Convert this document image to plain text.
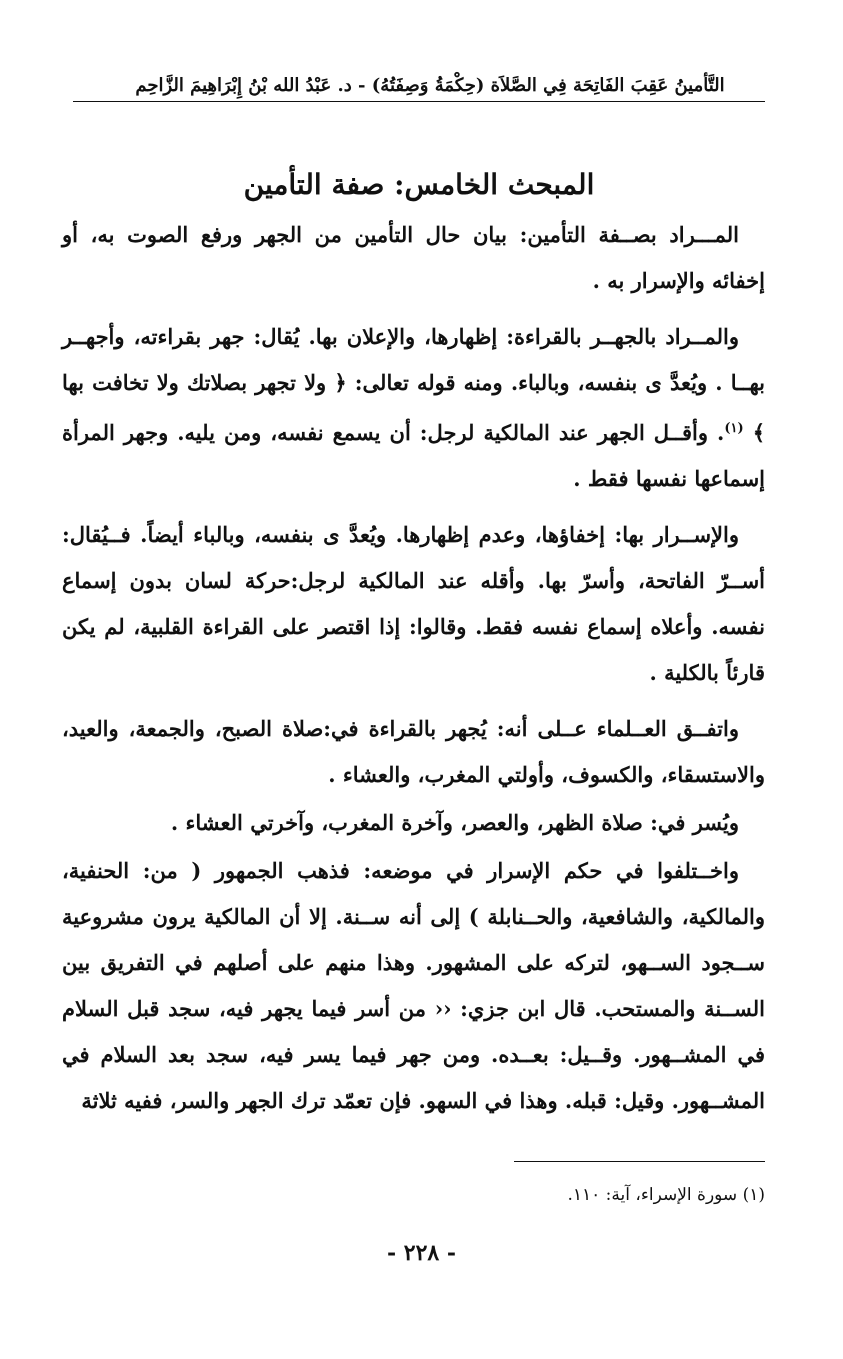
التَّأمينُ عَقِبَ الفَاتِحَة فِي الصَّلاَة (حِكْمَةُ وَصِفَتُهُ) - د. عَبْدُ الله بْنُ إِبْرَاهِيمَ الزَّاحِم
المبحث الخامس: صفة التأمين

المـــراد بصــفة التأمين: بيان حال التأمين من الجهر ورفع الصوت به، أو إخفائه والإسرار به .

والمــراد بالجهــر بالقراءة: إظهارها، والإعلان بها. يُقال: جهر بقراءته، وأجهــر بهــا . ويُعدَّ ى بنفسه، وبالباء. ومنه قوله تعالى: ﴿ ولا تجهر بصلاتك ولا تخافت بها ﴾ $^{(١)}$. وأقــل الجهر عند المالكية لرجل: أن يسمع نفسه، ومن يليه. وجهر المرأة إسماعها نفسها فقط .

والإســرار بها: إخفاؤها، وعدم إظهارها. ويُعدَّ ى بنفسه، وبالباء أيضاً. فــيُقال: أســرّ الفاتحة، وأسرّ بها. وأقله عند المالكية لرجل:حركة لسان بدون إسماع نفسه. وأعلاه إسماع نفسه فقط. وقالوا: إذا اقتصر على القراءة القلبية، لم يكن قارئاً بالكلية .

واتفــق العــلماء عــلى أنه: يُجهر بالقراءة في:صلاة الصبح، والجمعة، والعيد، والاستسقاء، والكسوف، وأولتي المغرب، والعشاء .

ويُسر في: صلاة الظهر، والعصر، وآخرة المغرب، وآخرتي العشاء .

واخــتلفوا في حكم الإسرار في موضعه: فذهب الجمهور ( من: الحنفية، والمالكية، والشافعية، والحــنابلة ) إلى أنه ســنة. إلا أن المالكية يرون مشروعية ســجود الســهو، لتركه على المشهور. وهذا منهم على أصلهم في التفريق بين الســنة والمستحب. قال ابن جزي: ‹‹ من أسر فيما يجهر فيه، سجد قبل السلام في المشــهور. وقــيل: بعــده. ومن جهر فيما يسر فيه، سجد بعد السلام في المشــهور. وقيل: قبله. وهذا في السهو. فإن تعمّد ترك الجهر والسر، ففيه ثلاثة

(١) سورة الإسراء، آية: ١١٠.
- ٢٢٨ -
